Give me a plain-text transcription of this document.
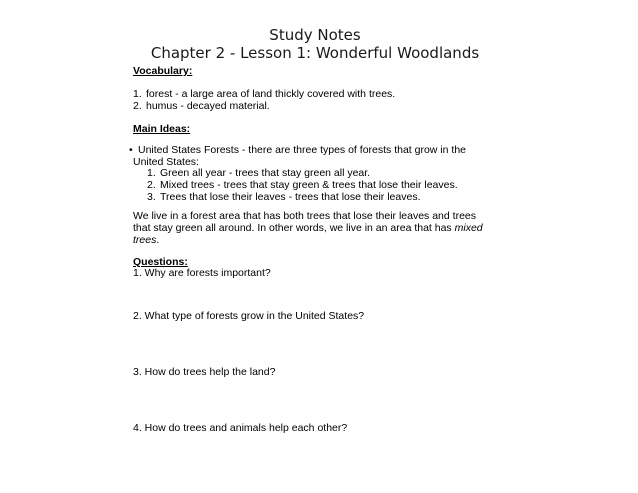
Study Notes
Chapter 2 - Lesson 1: Wonderful Woodlands
Vocabulary:
1. forest - a large area of land thickly covered with trees.
2. humus - decayed material.
Main Ideas:
• United States Forests - there are three types of forests that grow in the
United States:
1. Green all year - trees that stay green all year.
2. Mixed trees - trees that stay green & trees that lose their leaves.
3. Trees that lose their leaves - trees that lose their leaves.
We live in a forest area that has both trees that lose their leaves and trees
that stay green all around. In other words, we live in an area that has mixed
trees.
Questions:
1. Why are forests important?
2. What type of forests grow in the United States?
3. How do trees help the land?
4. How do trees and animals help each other?
